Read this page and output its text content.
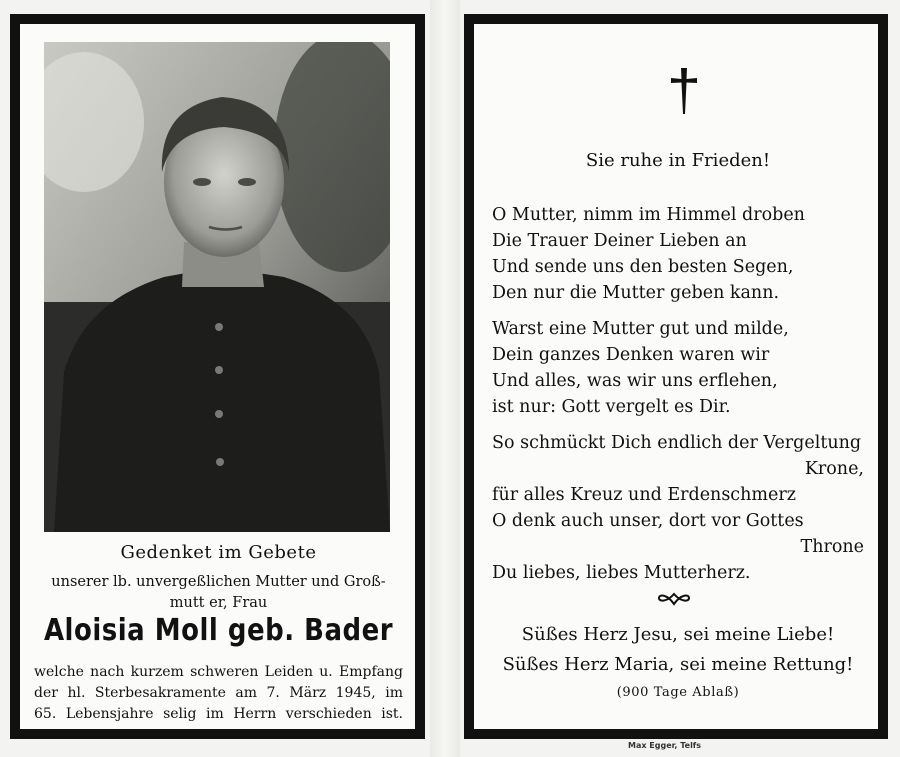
Gedenket im Gebete
unserer lb. unvergeßlichen Mutter und Groß-
mutt er, Frau
Aloisia Moll geb. Bader
welche nach kurzem schweren Leiden u. Empfang
der hl. Sterbesakramente am 7. März 1945, im
65. Lebensjahre selig im Herrn verschieden ist.
Sie ruhe in Frieden!
O Mutter, nimm im Himmel droben
Die Trauer Deiner Lieben an
Und sende uns den besten Segen,
Den nur die Mutter geben kann.
Warst eine Mutter gut und milde,
Dein ganzes Denken waren wir
Und alles, was wir uns erflehen,
ist nur: Gott vergelt es Dir.
So schmückt Dich endlich der Vergeltung
Krone,
für alles Kreuz und Erdenschmerz
O denk auch unser, dort vor Gottes
Throne
Du liebes, liebes Mutterherz.
Süßes Herz Jesu, sei meine Liebe!
Süßes Herz Maria, sei meine Rettung!
(900 Tage Ablaß)
Max Egger, Telfs
